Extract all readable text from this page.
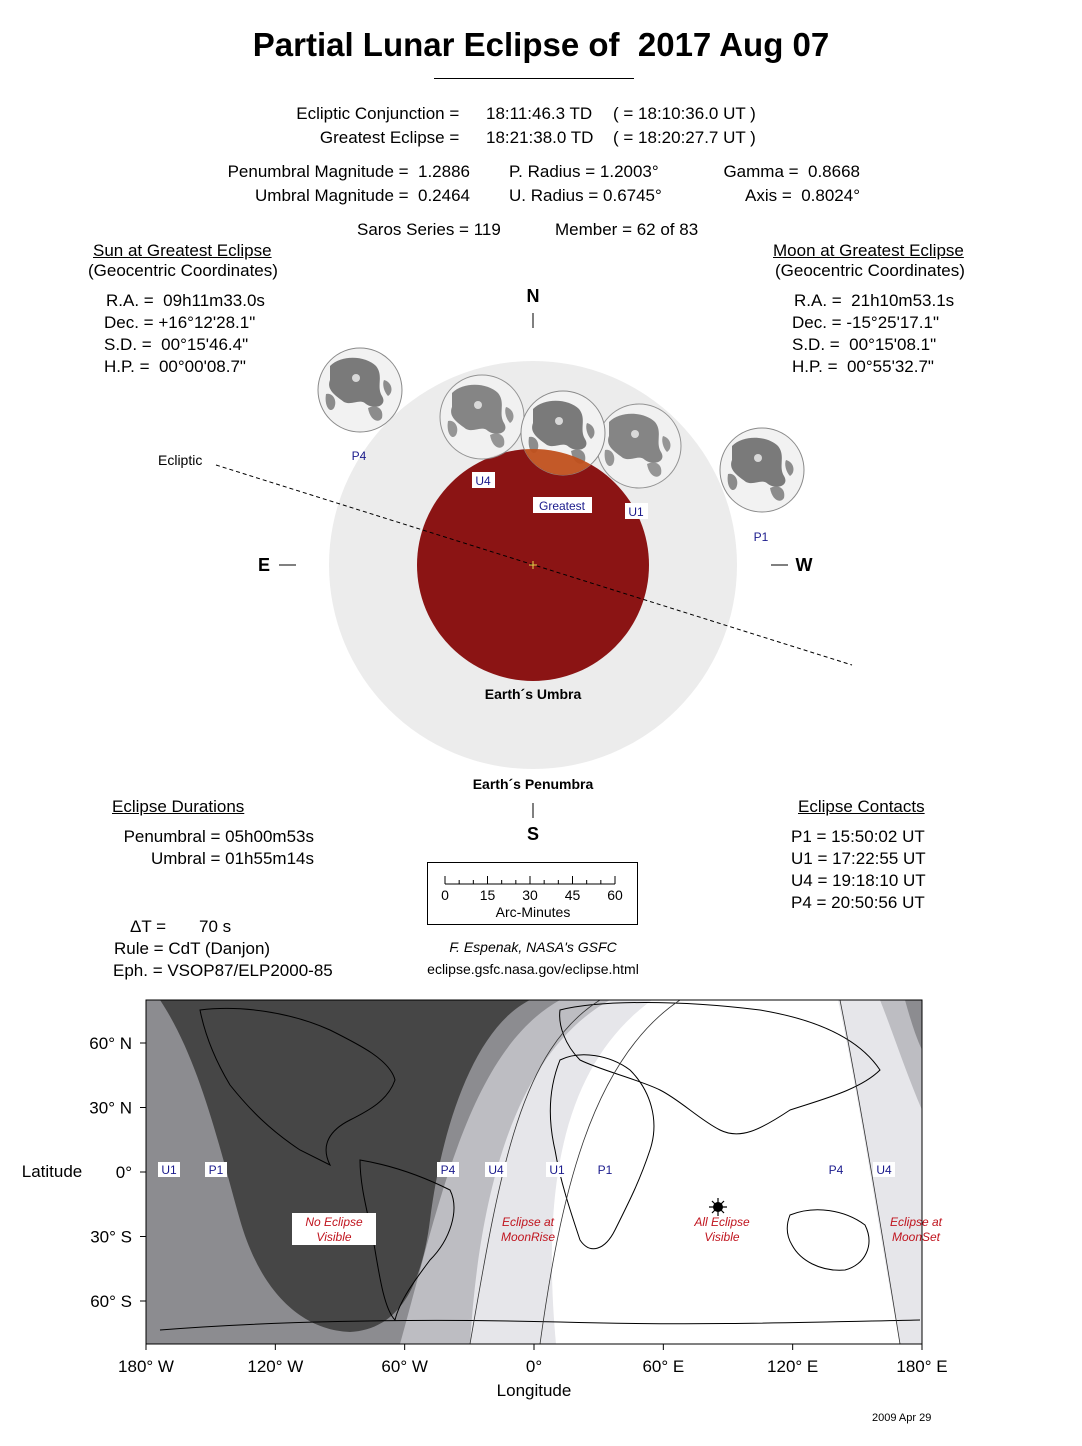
Partial Lunar Eclipse of  2017 Aug 07
Ecliptic Conjunction = 18:11:46.3 TD ( = 18:10:36.0 UT )
Greatest Eclipse = 18:21:38.0 TD ( = 18:20:27.7 UT )
Penumbral Magnitude =  1.2886
Umbral Magnitude =  0.2464
P. Radius = 1.2003°
U. Radius = 0.6745°
Gamma =  0.8668
Axis =  0.8024°
Saros Series = 119	Member = 62 of 83
Sun at Greatest Eclipse
(Geocentric Coordinates)
R.A. =  09h11m33.0s
Dec. = +16°12'28.1"
S.D. =  00°15'46.4"
H.P. =  00°00'08.7"
Moon at Greatest Eclipse
(Geocentric Coordinates)
R.A. =  21h10m53.1s
Dec. = -15°25'17.1"
S.D. =  00°15'08.1"
H.P. =  00°55'32.7"
N
S
E	W
Ecliptic
Earth´s Umbra
Earth´s Penumbra
Greatest
U4
U1
P4
P1
Eclipse Durations
Penumbral = 05h00m53s
Umbral = 01h55m14s
Eclipse Contacts
P1 = 15:50:02 UT
U1 = 17:22:55 UT
U4 = 19:18:10 UT
P4 = 20:50:56 UT
0 15 30 45 60
Arc-Minutes
ΔT = 70 s
Rule = CdT (Danjon)
Eph. = VSOP87/ELP2000-85
F. Espenak, NASA's GSFC
eclipse.gsfc.nasa.gov/eclipse.html
60° N
30° N
0°
30° S
60° S
180° W	120° W	60° W	0°	60° E	120° E	180° E
U1	P1	P4	U4	U1	P1	P4	U4
No Eclipse
Visible
Eclipse at
MoonRise
All Eclipse
Visible
Eclipse at
MoonSet
Latitude
Longitude
2009 Apr 29
